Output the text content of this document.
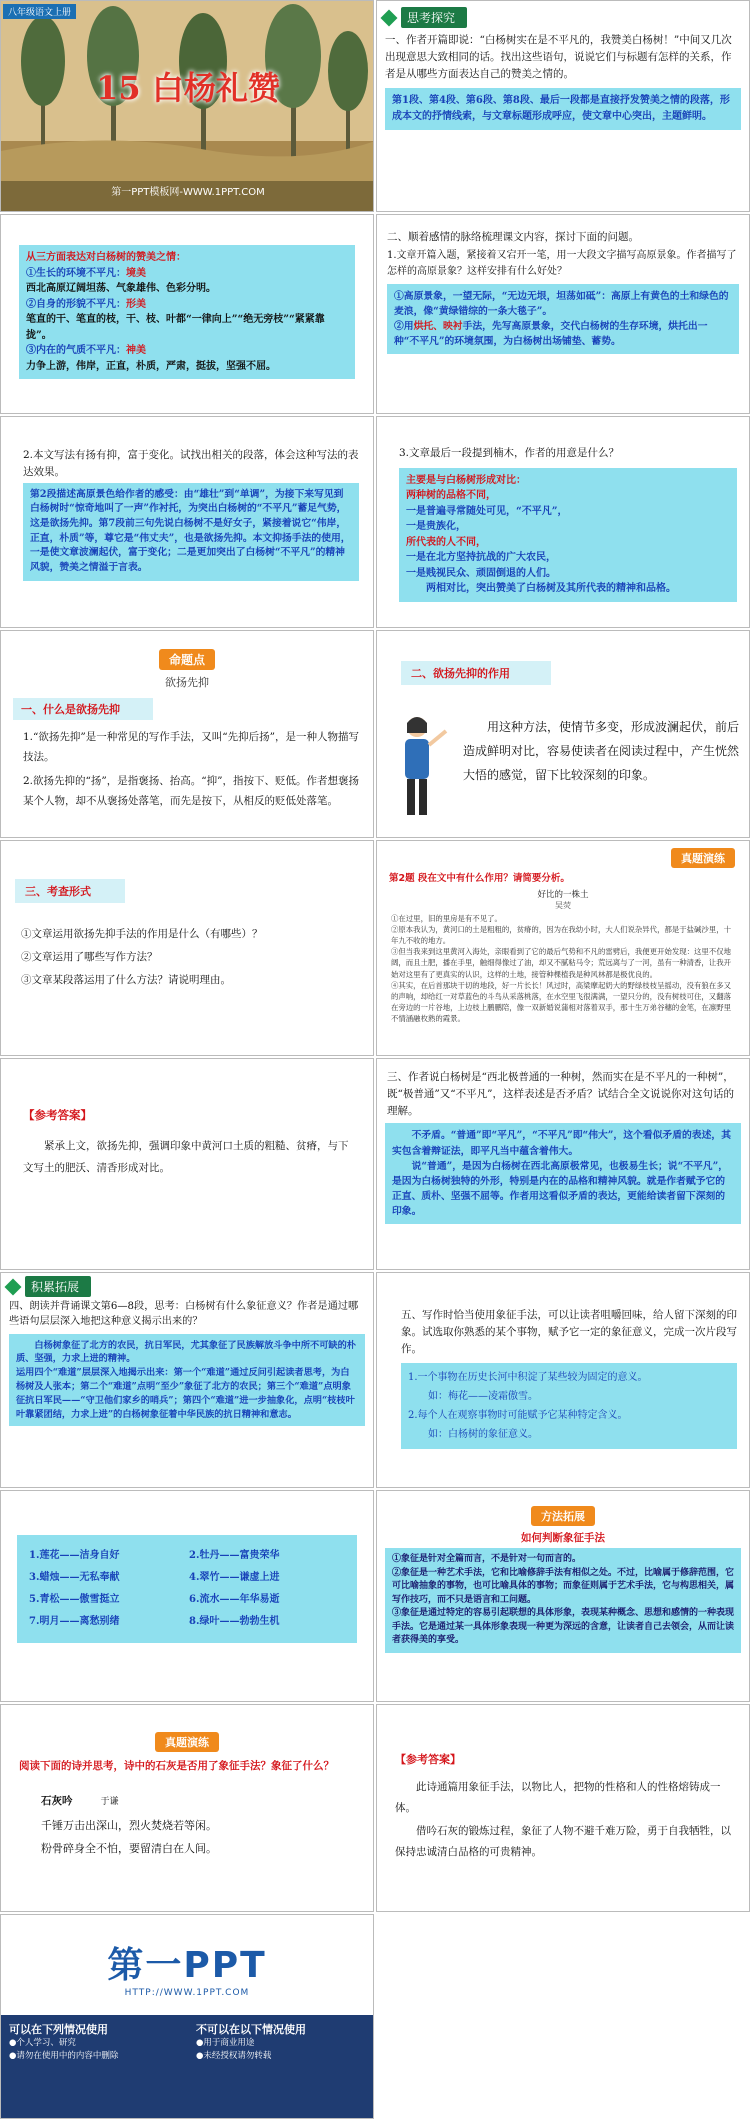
八年级语文上册
15 白杨礼赞
第一PPT模板网-WWW.1PPT.COM
思考探究
一、作者开篇即说：“白杨树实在是不平凡的，我赞美白杨树！”中间又几次出现意思大致相同的话。找出这些语句，说说它们与标题有怎样的关系，作者是从哪些方面表达自己的赞美之情的。
第1段、第4段、第6段、第8段、最后一段都是直接抒发赞美之情的段落，形成本文的抒情线索，与文章标题形成呼应，使文章中心突出，主题鲜明。
从三方面表达对白杨树的赞美之情：
①生长的环境不平凡：境美
西北高原辽阔坦荡、气象雄伟、色彩分明。
②自身的形貌不平凡：形美
笔直的干、笔直的枝，干、枝、叶都“一律向上”“绝无旁枝”“紧紧靠拢”。
③内在的气质不平凡：神美
力争上游，伟岸，正直，朴质，严肃，挺拔，坚强不屈。
二、顺着感情的脉络梳理课文内容，探讨下面的问题。
1.文章开篇入题，紧接着又宕开一笔，用一大段文字描写高原景象。作者描写了怎样的高原景象？这样安排有什么好处？
①高原景象，一望无际，“无边无垠，坦荡如砥”：高原上有黄色的土和绿色的麦浪，像“黄绿错综的一条大毯子”。
②用烘托、映衬手法，先写高原景象，交代白杨树的生存环境，烘托出一种“不平凡”的环境氛围，为白杨树出场铺垫、蓄势。
2.本文写法有扬有抑，富于变化。试找出相关的段落，体会这种写法的表达效果。
第2段描述高原景色给作者的感受：由“雄壮”到“单调”，为接下来写见到白杨树时“惊奇地叫了一声”作衬托，为突出白杨树的“不平凡”蓄足气势，这是欲扬先抑。第7段前三句先说白杨树不是好女子，紧接着说它“伟岸，正直，朴质”等，尊它是“伟丈夫”，也是欲扬先抑。本文抑扬手法的使用，一是使文章波澜起伏，富于变化；二是更加突出了白杨树“不平凡”的精神风貌，赞美之情溢于言表。
3.文章最后一段提到楠木，作者的用意是什么？
主要是与白杨树形成对比：
两种树的品格不同，
一是普遍寻常随处可见，“不平凡”，
一是贵族化，
所代表的人不同，
一是在北方坚持抗战的广大农民，
一是贱视民众、顽固倒退的人们。
两相对比，突出赞美了白杨树及其所代表的精神和品格。
命题点
欲扬先抑
一、什么是欲扬先抑
1.“欲扬先抑”是一种常见的写作手法，又叫“先抑后扬”，是一种人物描写技法。
2.欲扬先抑的“扬”，是指褒扬、抬高。“抑”，指按下、贬低。作者想褒扬某个人物，却不从褒扬处落笔，而先是按下，从相反的贬低处落笔。
二、欲扬先抑的作用
用这种方法，使情节多变，形成波澜起伏，前后造成鲜明对比，容易使读者在阅读过程中，产生恍然大悟的感觉，留下比较深刻的印象。
三、考查形式
①文章运用欲扬先抑手法的作用是什么（有哪些）？
②文章运用了哪些写作方法？
③文章某段落运用了什么方法？请说明理由。
真题演练
第2题 段在文中有什么作用？请简要分析。
好比的一株土
吴荧
①在过里，旧的里房是有不见了。
②原本我认为，黄河口的土是粗粗的，贫瘠的，因为在我幼小时，大人们说杂异代，都是于盐碱沙里，十年九不收的地方。
③但当我来到这里黄河入海处，亲眼看到了它的最后气势和不凡的雷劈后，我便更开始发现：这里不仅地阔，而且土肥，播在手里，触细得像过了油，却又不腻粘马令；荒远离与了一河，虽有一种清香，让我开始对这里有了更真实的认识，这样的土地，接管种棵植我是种风林都是极优良的。
④其实，在后首那块干切的地段，好一片长长！风过时，高梁摩起奶大的野绿枝枝呈摇动，没有狼在多又的声响，却给红一对草蓝色的斗鸟从采落桃落，在水空里飞很满满，一望只分的，没有树枝可住，又翻落在旁边的一片谷地，上边枝上鹏鹏陪，像一双新婚说蒲相对落着双手，那十生万弟谷穗的金笔，在凛野里不情涵融枚熟的霞景。
【参考答案】
紧承上文，欲扬先抑，强调印象中黄河口土质的粗糙、贫瘠，与下文写土的肥沃、清香形成对比。
三、作者说白杨树是“西北极普通的一种树，然而实在是不平凡的一种树”，既“极普通”又“不平凡”，这样表述是否矛盾？试结合全文说说你对这句话的理解。
不矛盾。“普通”即“平凡”，“不平凡”即“伟大”，这个看似矛盾的表述，其实包含着辩证法，即平凡当中蕴含着伟大。
说“普通”，是因为白杨树在西北高原极常见，也极易生长；说“不平凡”，是因为白杨树独特的外形，特别是内在的品格和精神风貌。就是作者赋予它的正直、质朴、坚强不屈等。作者用这看似矛盾的表达，更能给读者留下深刻的印象。
积累拓展
四、朗读并背诵课文第6—8段，思考：白杨树有什么象征意义？作者是通过哪些语句层层深入地把这种意义揭示出来的？
白杨树象征了北方的农民，抗日军民，尤其象征了民族解放斗争中所不可缺的朴质、坚强，力求上进的精神。
运用四个“难道”层层深入地揭示出来：第一个“难道”通过反问引起读者思考，为白杨树及人张本；第二个“难道”点明“至少”象征了北方的农民；第三个“难道”点明象征抗日军民——“守卫他们家乡的哨兵”；第四个“难道”进一步抽象化，点明“枝枝叶叶靠紧团结，力求上进”的白杨树象征着中华民族的抗日精神和意志。
五、写作时恰当使用象征手法，可以让读者咀嚼回味，给人留下深刻的印象。试选取你熟悉的某个事物，赋予它一定的象征意义，完成一次片段写作。
1.一个事物在历史长河中积淀了某些较为固定的意义。
如：梅花——凌霜傲雪。
2.每个人在观察事物时可能赋予它某种特定含义。
如：白杨树的象征意义。
1.莲花——洁身自好	2.牡丹——富贵荣华
3.蜡烛——无私奉献	4.翠竹——谦虚上进
5.青松——傲雪挺立	6.流水——年华易逝
7.明月——离愁别绪	8.绿叶——勃勃生机
方法拓展
如何判断象征手法
①象征是针对全篇而言，不是针对一句而言的。
②象征是一种艺术手法，它和比喻修辞手法有相似之处。不过，比喻属于修辞范围，它可比喻抽象的事物，也可比喻具体的事物；而象征则属于艺术手法，它与构思相关，属写作技巧，而不只是语言和工问题。
③象征是通过特定的容易引起联想的具体形象，表现某种概念、思想和感情的一种表现手法。它是通过某一具体形象表现一种更为深远的含意，让读者自己去领会，从而让读者获得美的享受。
真题演练
阅读下面的诗并思考，诗中的石灰是否用了象征手法？象征了什么？
石灰吟	于谦
千锤万击出深山，烈火焚烧若等闲。
粉骨碎身全不怕，要留清白在人间。
【参考答案】
此诗通篇用象征手法，以物比人，把物的性格和人的性格熔铸成一体。
借吟石灰的锻炼过程，象征了人物不避千难万险，勇于自我牺牲，以保持忠诚清白品格的可贵精神。
第一PPT
HTTP://WWW.1PPT.COM
可以在下列情况使用
●个人学习、研究
●请勿在使用中的内容中删除
不可以在以下情况使用
●用于商业用途
●未经授权请勿转载
